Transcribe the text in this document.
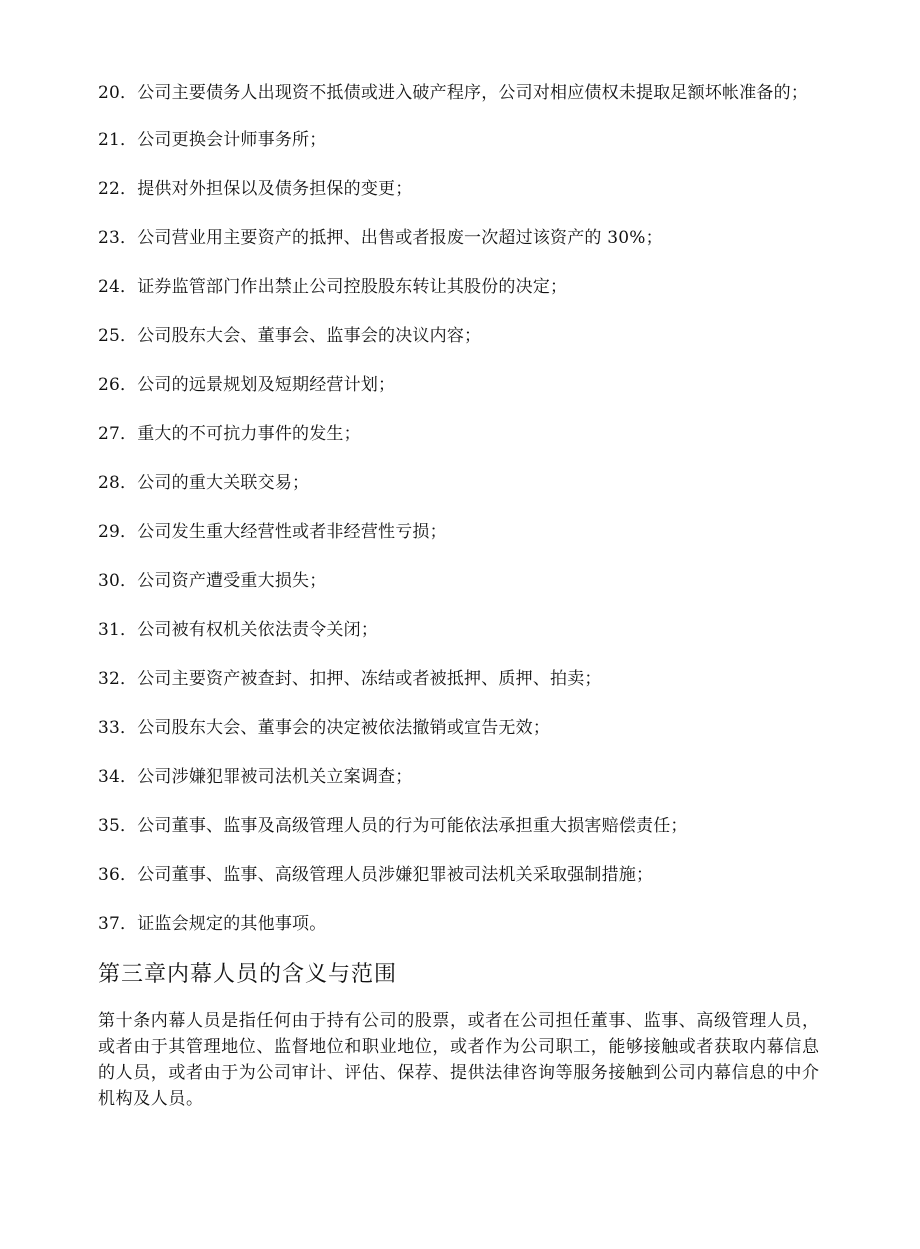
20．公司主要债务人出现资不抵债或进入破产程序，公司对相应债权未提取足额坏帐准备的；

21．公司更换会计师事务所；

22．提供对外担保以及债务担保的变更；

23．公司营业用主要资产的抵押、出售或者报废一次超过该资产的 30%；

24．证券监管部门作出禁止公司控股股东转让其股份的决定；

25．公司股东大会、董事会、监事会的决议内容；

26．公司的远景规划及短期经营计划；

27．重大的不可抗力事件的发生；

28．公司的重大关联交易；

29．公司发生重大经营性或者非经营性亏损；

30．公司资产遭受重大损失；

31．公司被有权机关依法责令关闭；

32．公司主要资产被查封、扣押、冻结或者被抵押、质押、拍卖；

33．公司股东大会、董事会的决定被依法撤销或宣告无效；

34．公司涉嫌犯罪被司法机关立案调查；

35．公司董事、监事及高级管理人员的行为可能依法承担重大损害赔偿责任；

36．公司董事、监事、高级管理人员涉嫌犯罪被司法机关采取强制措施；

37．证监会规定的其他事项。

第三章内幕人员的含义与范围

第十条内幕人员是指任何由于持有公司的股票，或者在公司担任董事、监事、高级管理人员，或者由于其管理地位、监督地位和职业地位，或者作为公司职工，能够接触或者获取内幕信息的人员，或者由于为公司审计、评估、保荐、提供法律咨询等服务接触到公司内幕信息的中介机构及人员。
